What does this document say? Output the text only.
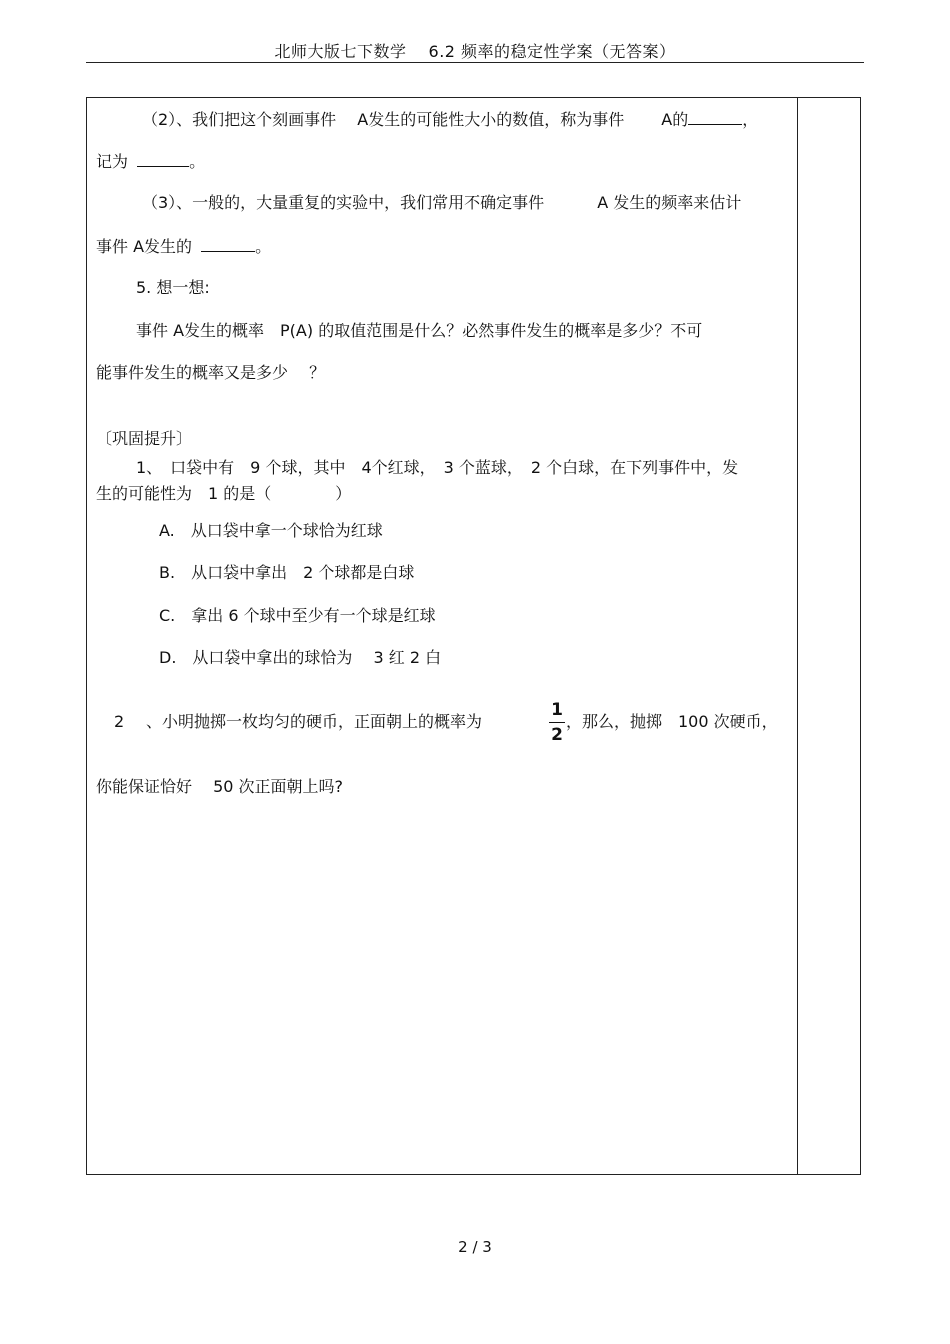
北师大版七下数学　 6.2 频率的稳定性学案（无答案）
（2）、我们把这个刻画事件　 A发生的可能性大小的数值，称为事件　　 A的	，
记为	。
（3）、一般的，大量重复的实验中，我们常用不确定事件　　　 A 发生的频率来估计
事件 A发生的	。
5. 想一想:
事件 A发生的概率　P(A) 的取值范围是什么？必然事件发生的概率是多少？不可
能事件发生的概率又是多少　 ？
〔巩固提升〕
1、　口袋中有　9 个球，其中　4个红球，　3 个蓝球，　2 个白球，在下列事件中，发
生的可能性为　1 的是（　　　　）
A. 从口袋中拿一个球恰为红球
B. 从口袋中拿出　2 个球都是白球
C. 拿出 6 个球中至少有一个球是红球
D. 从口袋中拿出的球恰为　 3 红 2 白
2 、小明抛掷一枚均匀的硬币，正面朝上的概率为
1
2
，那么，抛掷　100 次硬币，
你能保证恰好　 50 次正面朝上吗?
2 / 3
